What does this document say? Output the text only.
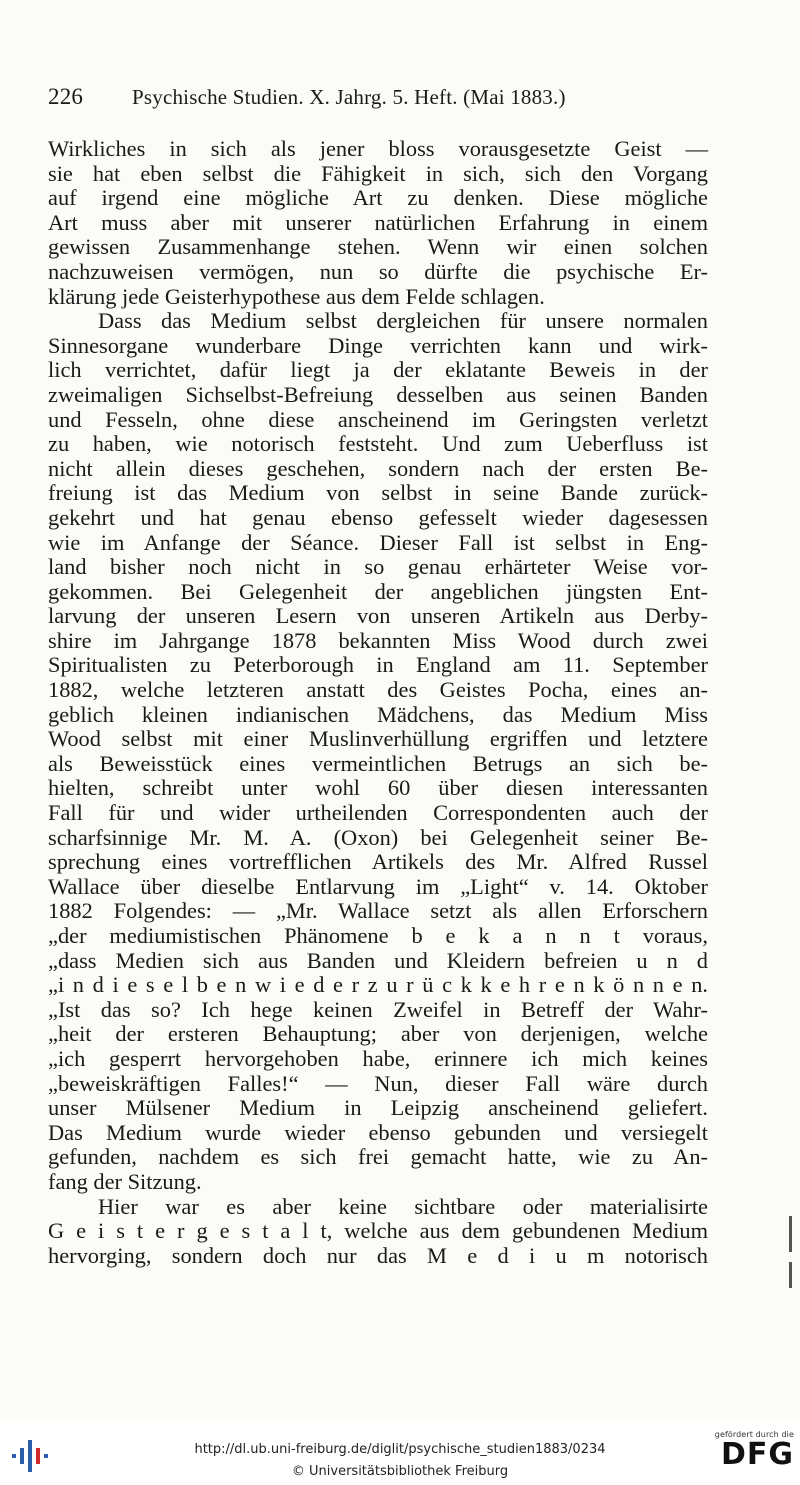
226 Psychische Studien. X. Jahrg. 5. Heft. (Mai 1883.)
Wirkliches in sich als jener bloss vorausgesetzte Geist —
sie hat eben selbst die Fähigkeit in sich, sich den Vorgang
auf irgend eine mögliche Art zu denken. Diese mögliche
Art muss aber mit unserer natürlichen Erfahrung in einem
gewissen Zusammenhange stehen. Wenn wir einen solchen
nachzuweisen vermögen, nun so dürfte die psychische Er-
klärung jede Geisterhypothese aus dem Felde schlagen.
Dass das Medium selbst dergleichen für unsere normalen
Sinnesorgane wunderbare Dinge verrichten kann und wirk-
lich verrichtet, dafür liegt ja der eklatante Beweis in der
zweimaligen Sichselbst-Befreiung desselben aus seinen Banden
und Fesseln, ohne diese anscheinend im Geringsten verletzt
zu haben, wie notorisch feststeht. Und zum Ueberfluss ist
nicht allein dieses geschehen, sondern nach der ersten Be-
freiung ist das Medium von selbst in seine Bande zurück-
gekehrt und hat genau ebenso gefesselt wieder dagesessen
wie im Anfange der Séance. Dieser Fall ist selbst in Eng-
land bisher noch nicht in so genau erhärteter Weise vor-
gekommen. Bei Gelegenheit der angeblichen jüngsten Ent-
larvung der unseren Lesern von unseren Artikeln aus Derby-
shire im Jahrgange 1878 bekannten Miss Wood durch zwei
Spiritualisten zu Peterborough in England am 11. September
1882, welche letzteren anstatt des Geistes Pocha, eines an-
geblich kleinen indianischen Mädchens, das Medium Miss
Wood selbst mit einer Muslinverhüllung ergriffen und letztere
als Beweisstück eines vermeintlichen Betrugs an sich be-
hielten, schreibt unter wohl 60 über diesen interessanten
Fall für und wider urtheilenden Correspondenten auch der
scharfsinnige Mr. M. A. (Oxon) bei Gelegenheit seiner Be-
sprechung eines vortrefflichen Artikels des Mr. Alfred Russel
Wallace über dieselbe Entlarvung im „Light“ v. 14. Oktober
1882 Folgendes: — „Mr. Wallace setzt als allen Erforschern
„der mediumistischen Phänomene b e k a n n t voraus,
„dass Medien sich aus Banden und Kleidern befreien u n d
„i n d i e s e l b e n w i e d e r z u r ü c k k e h r e n k ö n n e n.
„Ist das so? Ich hege keinen Zweifel in Betreff der Wahr-
„heit der ersteren Behauptung; aber von derjenigen, welche
„ich gesperrt hervorgehoben habe, erinnere ich mich keines
„beweiskräftigen Falles!“ — Nun, dieser Fall wäre durch
unser Mülsener Medium in Leipzig anscheinend geliefert.
Das Medium wurde wieder ebenso gebunden und versiegelt
gefunden, nachdem es sich frei gemacht hatte, wie zu An-
fang der Sitzung.
Hier war es aber keine sichtbare oder materialisirte
G e i s t e r g e s t a l t, welche aus dem gebundenen Medium
hervorging, sondern doch nur das M e d i u m notorisch
http://dl.ub.uni-freiburg.de/diglit/psychische_studien1883/0234
© Universitätsbibliothek Freiburg
gefördert durch die
DFG
